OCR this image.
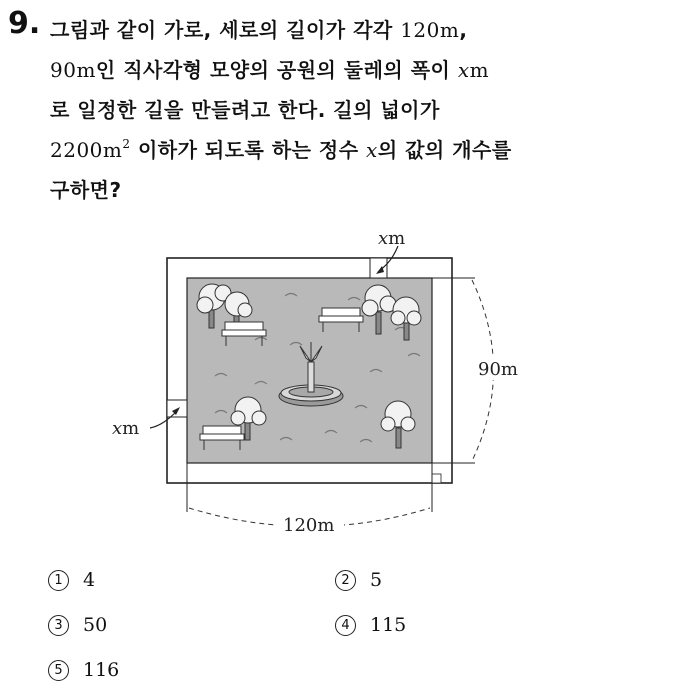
9. 그림과 같이 가로, 세로의 길이가 각각 120m,
90m인 직사각형 모양의 공원의 둘레의 폭이 xm
로 일정한 길을 만들려고 한다. 길의 넓이가
$2200m^2$ 이하가 되도록 하는 정수 x의 값의 개수를
구하면?
xm
xm
90m
120m
1 4	2 5
3 50	4 115
5 116
